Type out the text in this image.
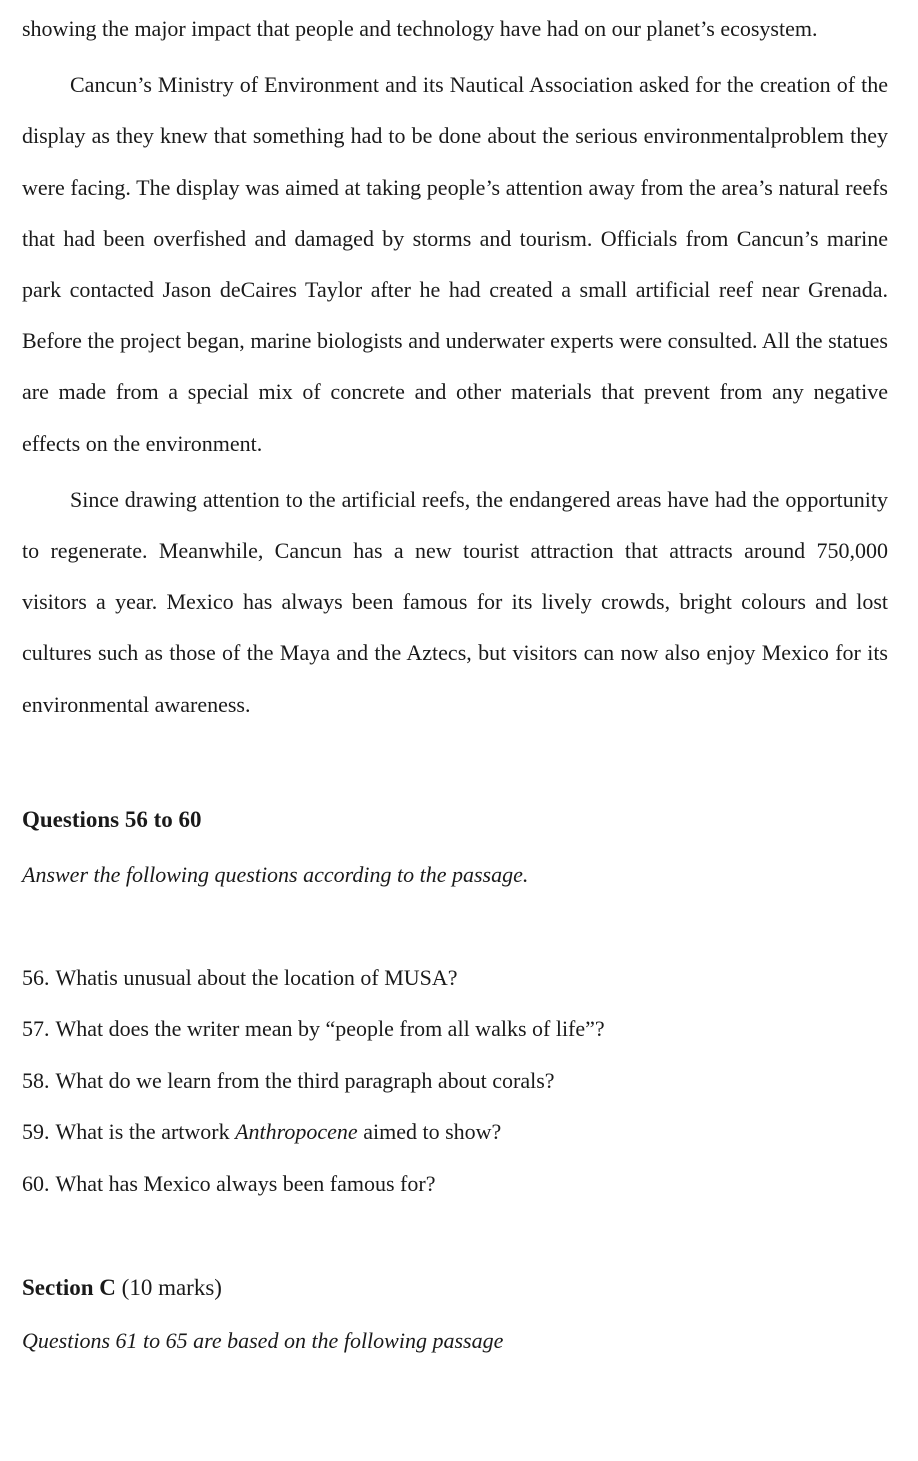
showing the major impact that people and technology have had on our planet’s ecosystem.

Cancun’s Ministry of Environment and its Nautical Association asked for the creation of the display as they knew that something had to be done about the serious environmentalproblem they were facing. The display was aimed at taking people’s attention away from the area’s natural reefs that had been overfished and damaged by storms and tourism. Officials from Cancun’s marine park contacted Jason deCaires Taylor after he had created a small artificial reef near Grenada. Before the project began, marine biologists and underwater experts were consulted. All the statues are made from a special mix of concrete and other materials that prevent from any negative effects on the environment.

Since drawing attention to the artificial reefs, the endangered areas have had the opportunity to regenerate. Meanwhile, Cancun has a new tourist attraction that attracts around 750,000 visitors a year. Mexico has always been famous for its lively crowds, bright colours and lost cultures such as those of the Maya and the Aztecs, but visitors can now also enjoy Mexico for its environmental awareness.

Questions 56 to 60

Answer the following questions according to the passage.

56. Whatis unusual about the location of MUSA?
57. What does the writer mean by “people from all walks of life”?
58. What do we learn from the third paragraph about corals?
59. What is the artwork Anthropocene aimed to show?
60. What has Mexico always been famous for?
Section C (10 marks)

Questions 61 to 65 are based on the following passage
